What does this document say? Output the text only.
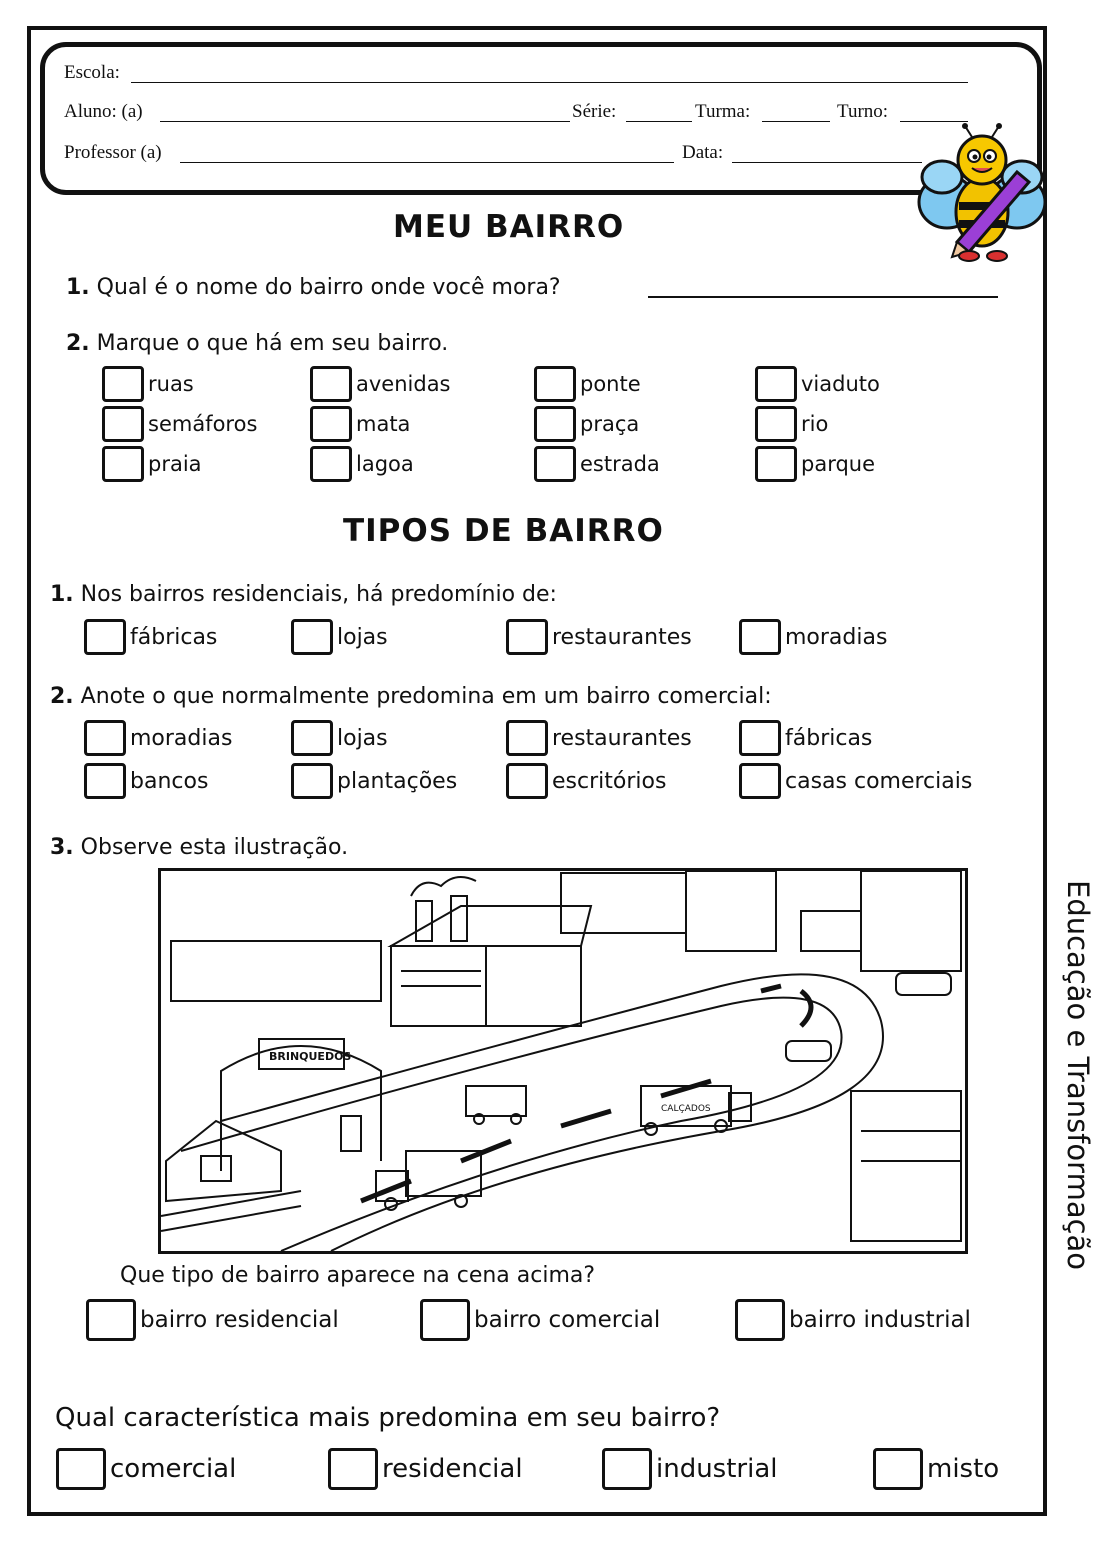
Escola:
Aluno: (a)	Série:	Turma:	Turno:
Professor (a)	Data:
MEU BAIRRO
1. Qual é o nome do bairro onde você mora?
2. Marque o que há em seu bairro.
ruas	avenidas	ponte	viaduto
semáforos	mata	praça	rio
praia	lagoa	estrada	parque
TIPOS DE BAIRRO
1. Nos bairros residenciais, há predomínio de:
fábricas	lojas	restaurantes	moradias
2. Anote o que normalmente predomina em um bairro comercial:
moradias	lojas	restaurantes	fábricas
bancos	plantações	escritórios	casas comerciais
3. Observe esta ilustração.
BRINQUEDOS
CALÇADOS
Que tipo de bairro aparece na cena acima?
bairro residencial	bairro comercial	bairro industrial
Qual característica mais predomina em seu bairro?
comercial	residencial	industrial	misto
Educação e Transformação
